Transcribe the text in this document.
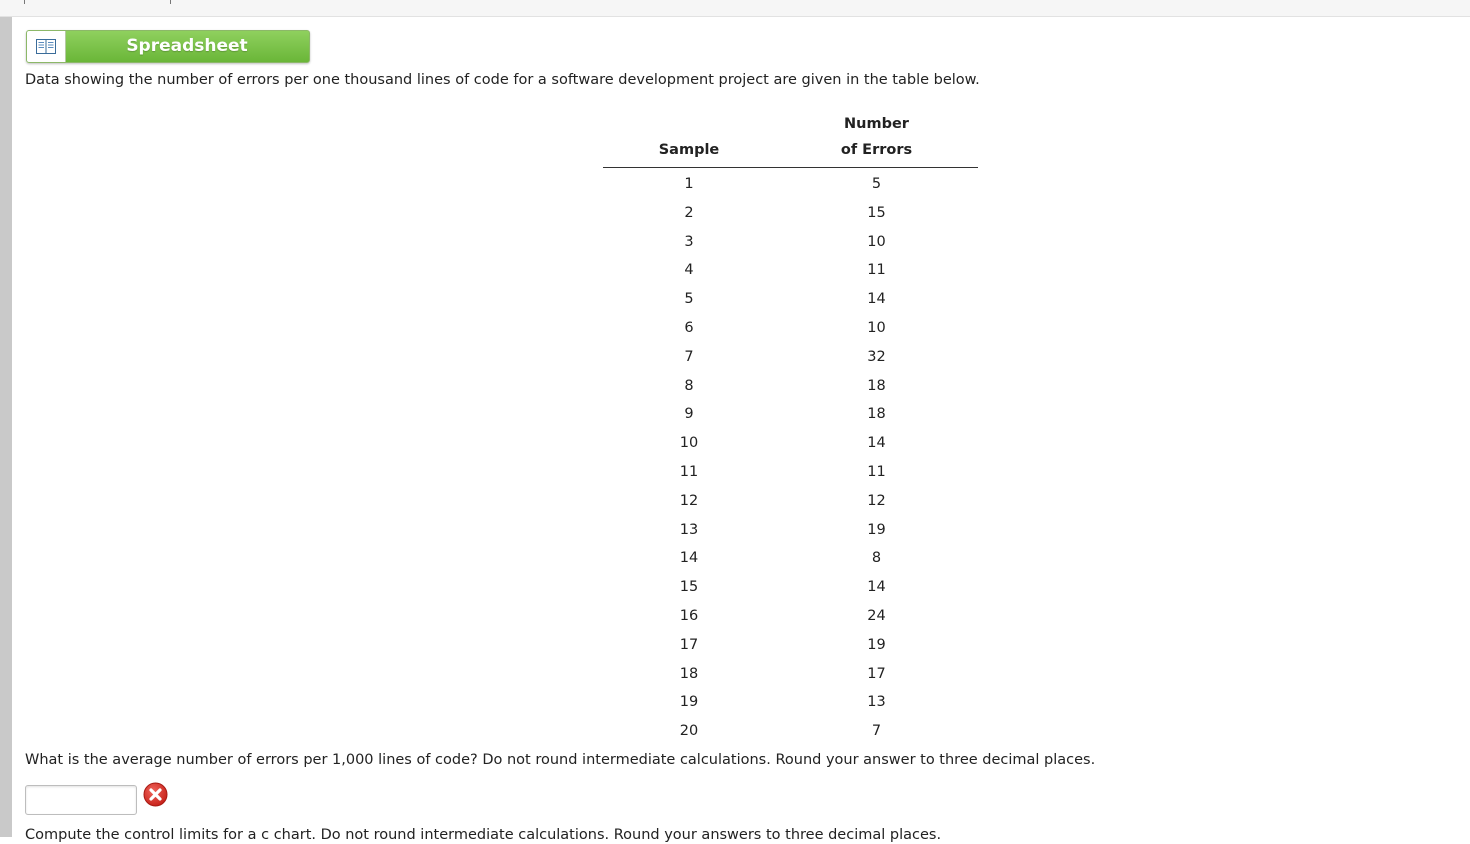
Spreadsheet
Data showing the number of errors per one thousand lines of code for a software development project are given in the table below.
Sample	Number
of Errors
1	5
2	15
3	10
4	11
5	14
6	10
7	32
8	18
9	18
10	14
11	11
12	12
13	19
14	8
15	14
16	24
17	19
18	17
19	13
20	7
What is the average number of errors per 1,000 lines of code? Do not round intermediate calculations. Round your answer to three decimal places.
Compute the control limits for a c chart. Do not round intermediate calculations. Round your answers to three decimal places.
